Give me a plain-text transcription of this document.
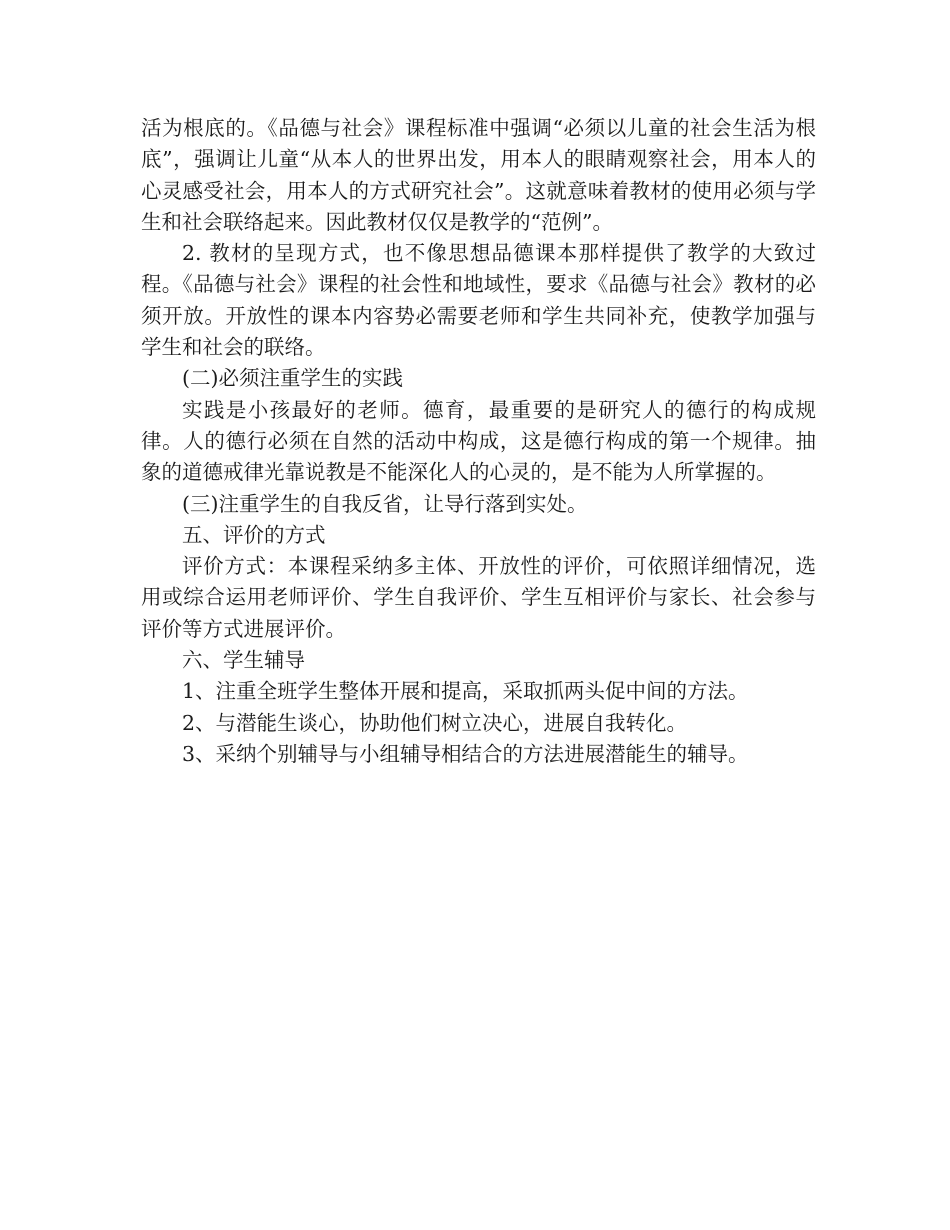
活为根底的。《品德与社会》课程标准中强调“必须以儿童的社会生活为根底”，强调让儿童“从本人的世界出发，用本人的眼睛观察社会，用本人的心灵感受社会，用本人的方式研究社会”。这就意味着教材的使用必须与学生和社会联络起来。因此教材仅仅是教学的“范例”。

2. 教材的呈现方式，也不像思想品德课本那样提供了教学的大致过程。《品德与社会》课程的社会性和地域性，要求《品德与社会》教材的必须开放。开放性的课本内容势必需要老师和学生共同补充，使教学加强与学生和社会的联络。

(二)必须注重学生的实践

实践是小孩最好的老师。德育，最重要的是研究人的德行的构成规律。人的德行必须在自然的活动中构成，这是德行构成的第一个规律。抽象的道德戒律光靠说教是不能深化人的心灵的，是不能为人所掌握的。

(三)注重学生的自我反省，让导行落到实处。

五、评价的方式

评价方式：本课程采纳多主体、开放性的评价，可依照详细情况，选用或综合运用老师评价、学生自我评价、学生互相评价与家长、社会参与评价等方式进展评价。

六、学生辅导

1、注重全班学生整体开展和提高，采取抓两头促中间的方法。

2、与潜能生谈心，协助他们树立决心，进展自我转化。

3、采纳个别辅导与小组辅导相结合的方法进展潜能生的辅导。
